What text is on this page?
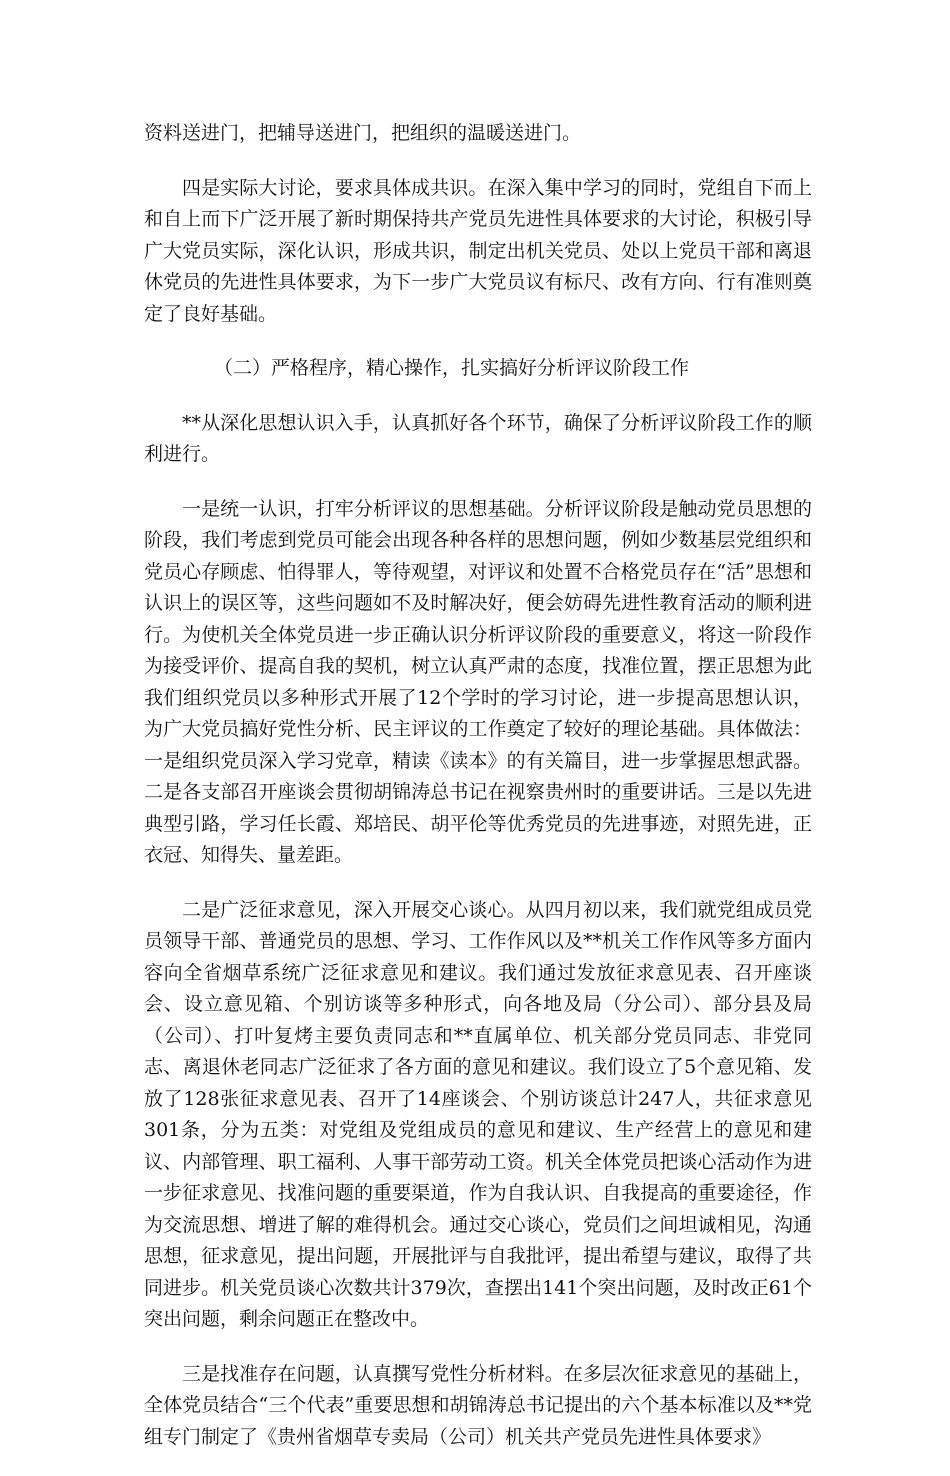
资料送进门，把辅导送进门，把组织的温暖送进门。

四是实际大讨论，要求具体成共识。在深入集中学习的同时，党组自下而上和自上而下广泛开展了新时期保持共产党员先进性具体要求的大讨论，积极引导广大党员实际，深化认识，形成共识，制定出机关党员、处以上党员干部和离退休党员的先进性具体要求，为下一步广大党员议有标尺、改有方向、行有准则奠定了良好基础。

（二）严格程序，精心操作，扎实搞好分析评议阶段工作

**从深化思想认识入手，认真抓好各个环节，确保了分析评议阶段工作的顺利进行。

一是统一认识，打牢分析评议的思想基础。分析评议阶段是触动党员思想的阶段，我们考虑到党员可能会出现各种各样的思想问题，例如少数基层党组织和党员心存顾虑、怕得罪人，等待观望，对评议和处置不合格党员存在“活”思想和认识上的误区等，这些问题如不及时解决好，便会妨碍先进性教育活动的顺利进行。为使机关全体党员进一步正确认识分析评议阶段的重要意义，将这一阶段作为接受评价、提高自我的契机，树立认真严肃的态度，找准位置，摆正思想为此我们组织党员以多种形式开展了12个学时的学习讨论，进一步提高思想认识，为广大党员搞好党性分析、民主评议的工作奠定了较好的理论基础。具体做法：一是组织党员深入学习党章，精读《读本》的有关篇目，进一步掌握思想武器。二是各支部召开座谈会贯彻胡锦涛总书记在视察贵州时的重要讲话。三是以先进典型引路，学习任长霞、郑培民、胡平伦等优秀党员的先进事迹，对照先进，正衣冠、知得失、量差距。

二是广泛征求意见，深入开展交心谈心。从四月初以来，我们就党组成员党员领导干部、普通党员的思想、学习、工作作风以及**机关工作作风等多方面内容向全省烟草系统广泛征求意见和建议。我们通过发放征求意见表、召开座谈会、设立意见箱、个别访谈等多种形式，向各地及局（分公司）、部分县及局（公司）、打叶复烤主要负责同志和**直属单位、机关部分党员同志、非党同志、离退休老同志广泛征求了各方面的意见和建议。我们设立了5个意见箱、发放了128张征求意见表、召开了14座谈会、个别访谈总计247人，共征求意见301条，分为五类：对党组及党组成员的意见和建议、生产经营上的意见和建议、内部管理、职工福利、人事干部劳动工资。机关全体党员把谈心活动作为进一步征求意见、找准问题的重要渠道，作为自我认识、自我提高的重要途径，作为交流思想、增进了解的难得机会。通过交心谈心，党员们之间坦诚相见，沟通思想，征求意见，提出问题，开展批评与自我批评，提出希望与建议，取得了共同进步。机关党员谈心次数共计379次，查摆出141个突出问题，及时改正61个突出问题，剩余问题正在整改中。

三是找准存在问题，认真撰写党性分析材料。在多层次征求意见的基础上，全体党员结合“三个代表”重要思想和胡锦涛总书记提出的六个基本标准以及**党组专门制定了《贵州省烟草专卖局（公司）机关共产党员先进性具体要求》
